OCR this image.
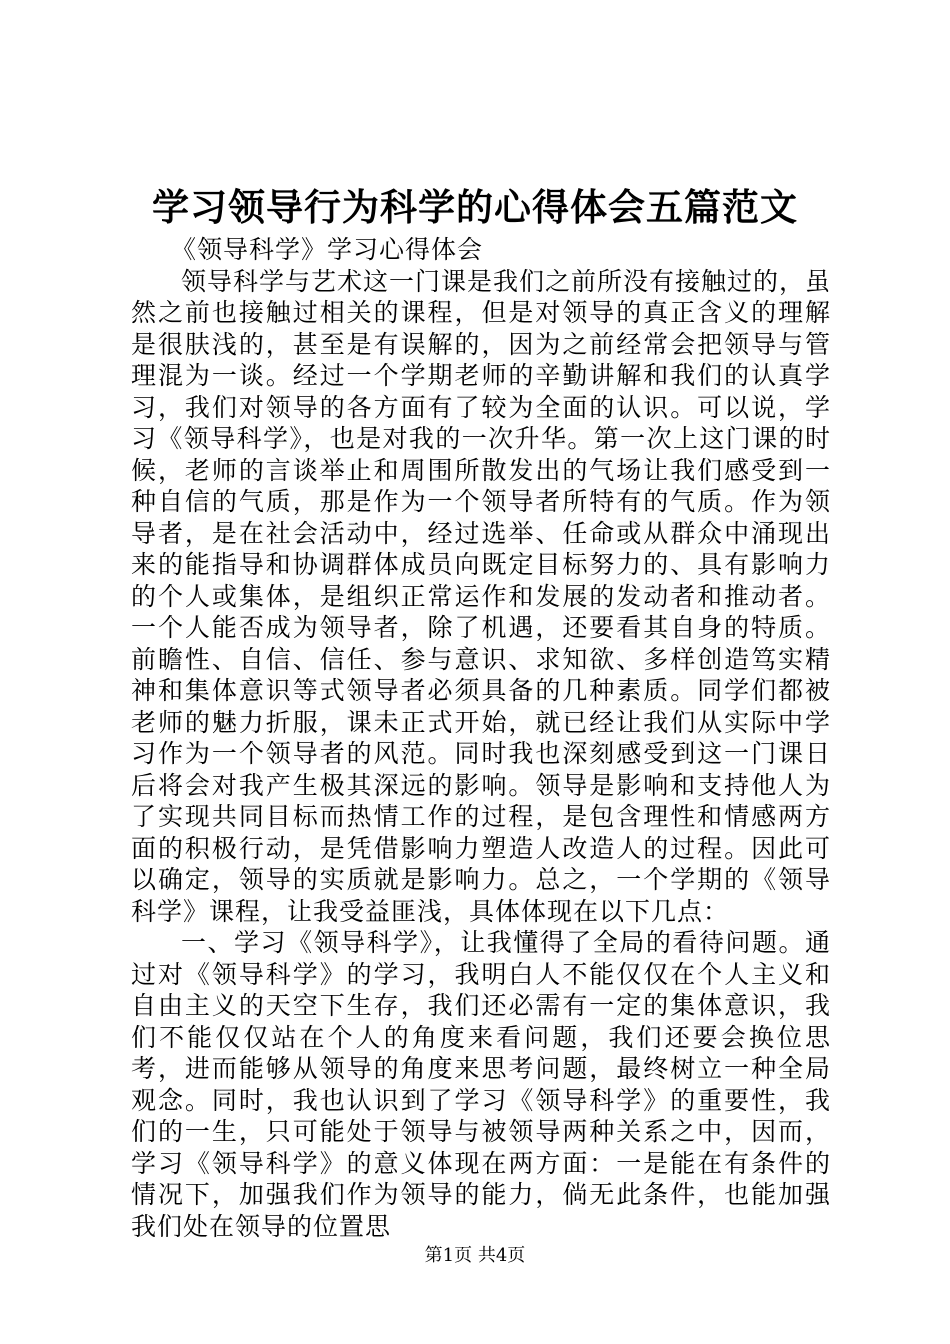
学习领导行为科学的心得体会五篇范文

《领导科学》学习心得体会

领导科学与艺术这一门课是我们之前所没有接触过的，虽然之前也接触过相关的课程，但是对领导的真正含义的理解是很肤浅的，甚至是有误解的，因为之前经常会把领导与管理混为一谈。经过一个学期老师的辛勤讲解和我们的认真学习，我们对领导的各方面有了较为全面的认识。可以说，学习《领导科学》，也是对我的一次升华。第一次上这门课的时候，老师的言谈举止和周围所散发出的气场让我们感受到一种自信的气质，那是作为一个领导者所特有的气质。作为领导者，是在社会活动中，经过选举、任命或从群众中涌现出来的能指导和协调群体成员向既定目标努力的、具有影响力的个人或集体，是组织正常运作和发展的发动者和推动者。一个人能否成为领导者，除了机遇，还要看其自身的特质。前瞻性、自信、信任、参与意识、求知欲、多样创造笃实精神和集体意识等式领导者必须具备的几种素质。同学们都被老师的魅力折服，课未正式开始，就已经让我们从实际中学习作为一个领导者的风范。同时我也深刻感受到这一门课日后将会对我产生极其深远的影响。领导是影响和支持他人为了实现共同目标而热情工作的过程，是包含理性和情感两方面的积极行动，是凭借影响力塑造人改造人的过程。因此可以确定，领导的实质就是影响力。总之，一个学期的《领导科学》课程，让我受益匪浅，具体体现在以下几点：

一、学习《领导科学》，让我懂得了全局的看待问题。通过对《领导科学》的学习，我明白人不能仅仅在个人主义和自由主义的天空下生存，我们还必需有一定的集体意识，我们不能仅仅站在个人的角度来看问题，我们还要会换位思考，进而能够从领导的角度来思考问题，最终树立一种全局观念。同时，我也认识到了学习《领导科学》的重要性，我们的一生，只可能处于领导与被领导两种关系之中，因而，学习《领导科学》的意义体现在两方面：一是能在有条件的情况下，加强我们作为领导的能力，倘无此条件，也能加强我们处在领导的位置思

第1页 共4页
